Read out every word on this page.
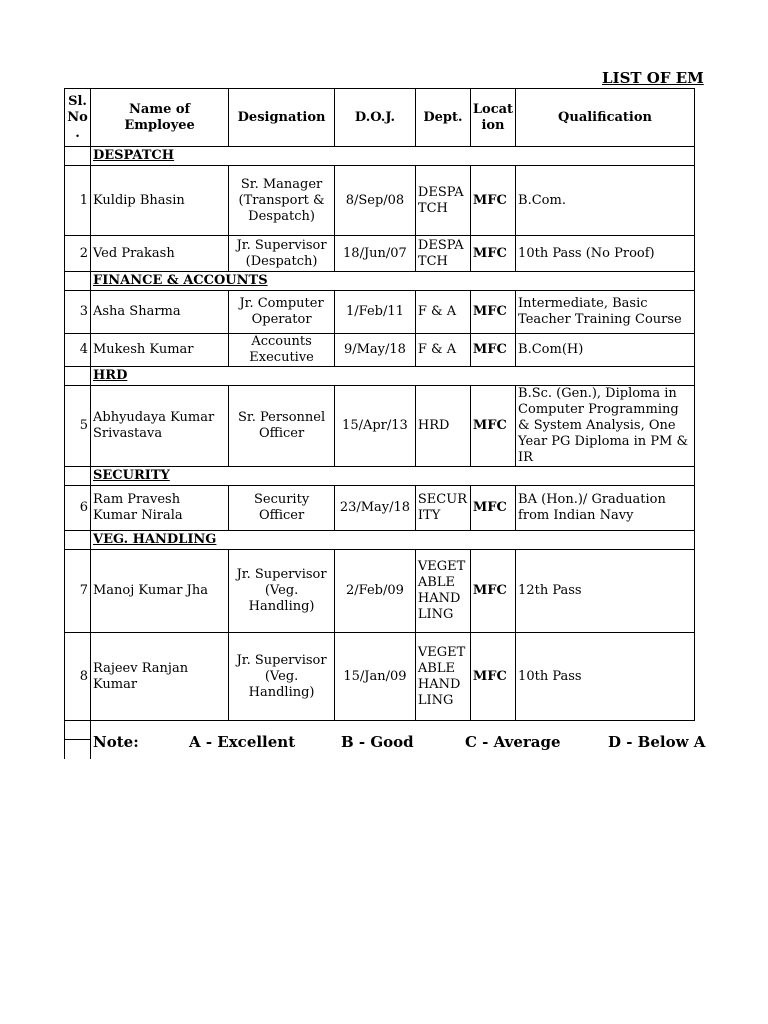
Sl. No .	Name of Employee	Designation	D.O.J.	Dept.	Locat ion	Qualification
	DESPATCH					
1	Kuldip Bhasin	Sr. Manager (Transport & Despatch)	8/Sep/08	DESPA TCH	MFC	B.Com.
2	Ved Prakash	Jr. Supervisor (Despatch)	18/Jun/07	DESPA TCH	MFC	10th Pass (No Proof)
	FINANCE & ACCOUNTS					
3	Asha Sharma	Jr. Computer Operator	1/Feb/11	F & A	MFC	Intermediate, Basic Teacher Training Course
4	Mukesh Kumar	Accounts Executive	9/May/18	F & A	MFC	B.Com(H)
	HRD					
5	Abhyudaya Kumar Srivastava	Sr. Personnel Officer	15/Apr/13	HRD	MFC	B.Sc. (Gen.), Diploma in Computer Programming & System Analysis, One Year PG Diploma in PM & IR
	SECURITY					
6	Ram Pravesh Kumar Nirala	Security Officer	23/May/18	SECUR ITY	MFC	BA (Hon.)/ Graduation from Indian Navy
	VEG. HANDLING					
7	Manoj Kumar Jha	Jr. Supervisor (Veg. Handling)	2/Feb/09	VEGET ABLE HAND LING	MFC	12th Pass
8	Rajeev Ranjan Kumar	Jr. Supervisor (Veg. Handling)	15/Jan/09	VEGET ABLE HAND LING	MFC	10th Pass

LIST OF EM
Note:	A - Excellent	B - Good	C - Average	D - Below A
